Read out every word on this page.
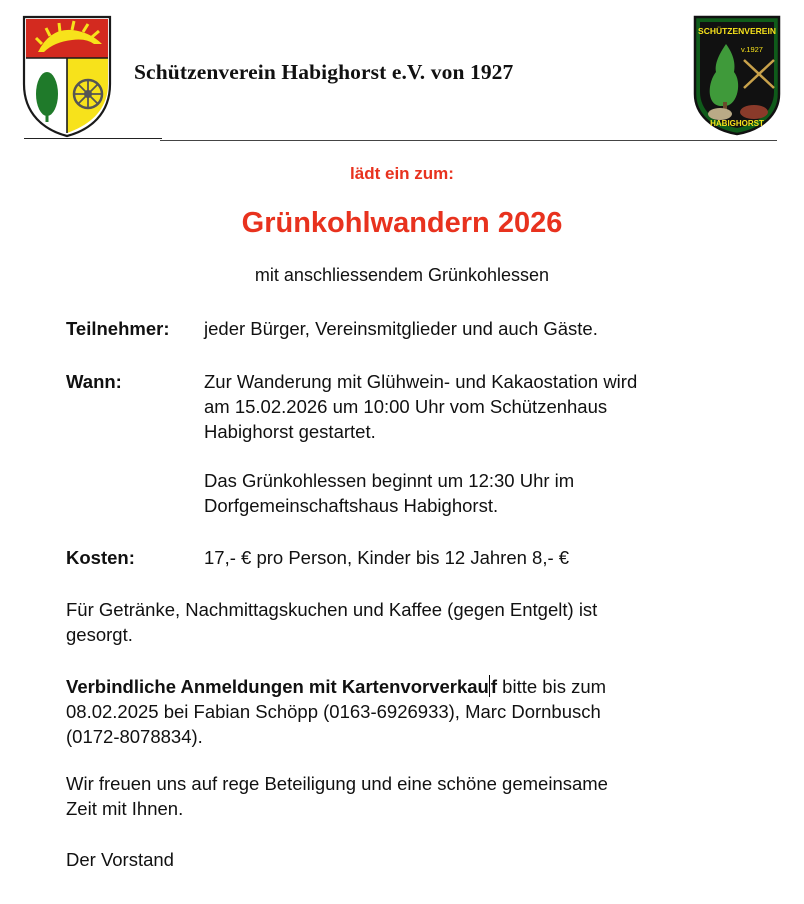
Schützenverein Habighorst e.V. von 1927
SCHÜTZENVEREIN
v.1927
HABIGHORST
lädt ein zum:
Grünkohlwandern 2026
mit anschliessendem Grünkohlessen
Teilnehmer: jeder Bürger, Vereinsmitglieder und auch Gäste.
Wann:	Zur Wanderung mit Glühwein- und Kakaostation wird
am 15.02.2026 um 10:00 Uhr vom Schützenhaus
Habighorst gestartet.
Das Grünkohlessen beginnt um 12:30 Uhr im
Dorfgemeinschaftshaus Habighorst.
Kosten:	17,- € pro Person, Kinder bis 12 Jahren 8,- €
Für Getränke, Nachmittagskuchen und Kaffee (gegen Entgelt) ist
gesorgt.
Verbindliche Anmeldungen mit Kartenvorverkau f bitte bis zum
08.02.2025 bei Fabian Schöpp (0163-6926933), Marc Dornbusch
(0172-8078834).
Wir freuen uns auf rege Beteiligung und eine schöne gemeinsame
Zeit mit Ihnen.
Der Vorstand
